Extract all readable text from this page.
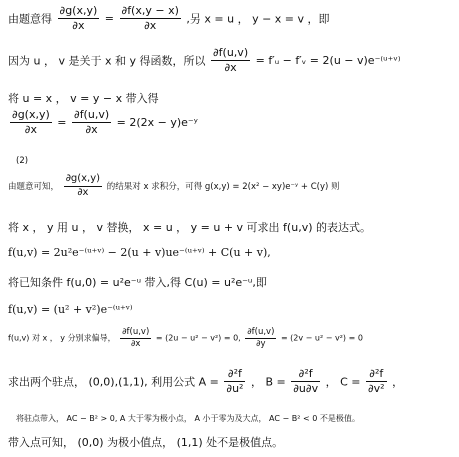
由题意得 $\frac{\partial g(x,y)}{\partial x} = \frac{\partial f(x,y - x)}{\partial x}$ ,另 x = u ， y − x = v ，即
因为 u ， v 是关于 x 和 y 得函数，所以 $\frac{\partial f(u,v)}{\partial x}$ = f′ᵤ − f′ᵥ = 2(u − v)e⁻⁽ᵘ⁺ᵛ⁾
将 u = x ， v = y − x 带入得
$\frac{\partial g(x,y)}{\partial x} = \frac{\partial f(u,v)}{\partial x} = 2(2x$ − y)e⁻ʸ
(2)
由题意可知， $\frac{\partial g(x,y)}{\partial x}$ 的结果对 x 求积分，可得 g(x,y) = 2(x² − xy)e⁻ʸ + C(y) 则
将 x ， y 用 u ， v 替换， x = u ， y = u + v 可求出 f(u,v) 的表达式。
f(u,v) = 2u²e⁻⁽ᵘ⁺ᵛ⁾ − 2(u + v)ue⁻⁽ᵘ⁺ᵛ⁾ + C(u + v),
将已知条件 f(u,0) = u²e⁻ᵘ 带入,得 C(u) = u²e⁻ᵘ,即
f(u,v) = (u² + v²)e⁻⁽ᵘ⁺ᵛ⁾
f(u,v) 对 x ， y 分别求偏导， $\frac{\partial f(u,v)}{\partial x} = (2u - u^2 - v^2) = 0$, $\frac{\partial f(u,v)}{\partial y} = (2v - u^2 - v^2) = 0$
求出两个驻点， (0,0),(1,1), 利用公式 $A = \frac{\text{∂²f}}{\text{∂u²}}$ ， $B = \frac{\text{∂²f}}{\partial u\partial v}$ ， $C = \frac{\text{∂²f}}{\text{∂v²}}$ ，
将驻点带入， AC − B² > 0, A 大于零为极小点， A 小于零为及大点， AC − B² < 0 不是极值。
带入点可知， (0,0) 为极小值点， (1,1) 处不是极值点。
